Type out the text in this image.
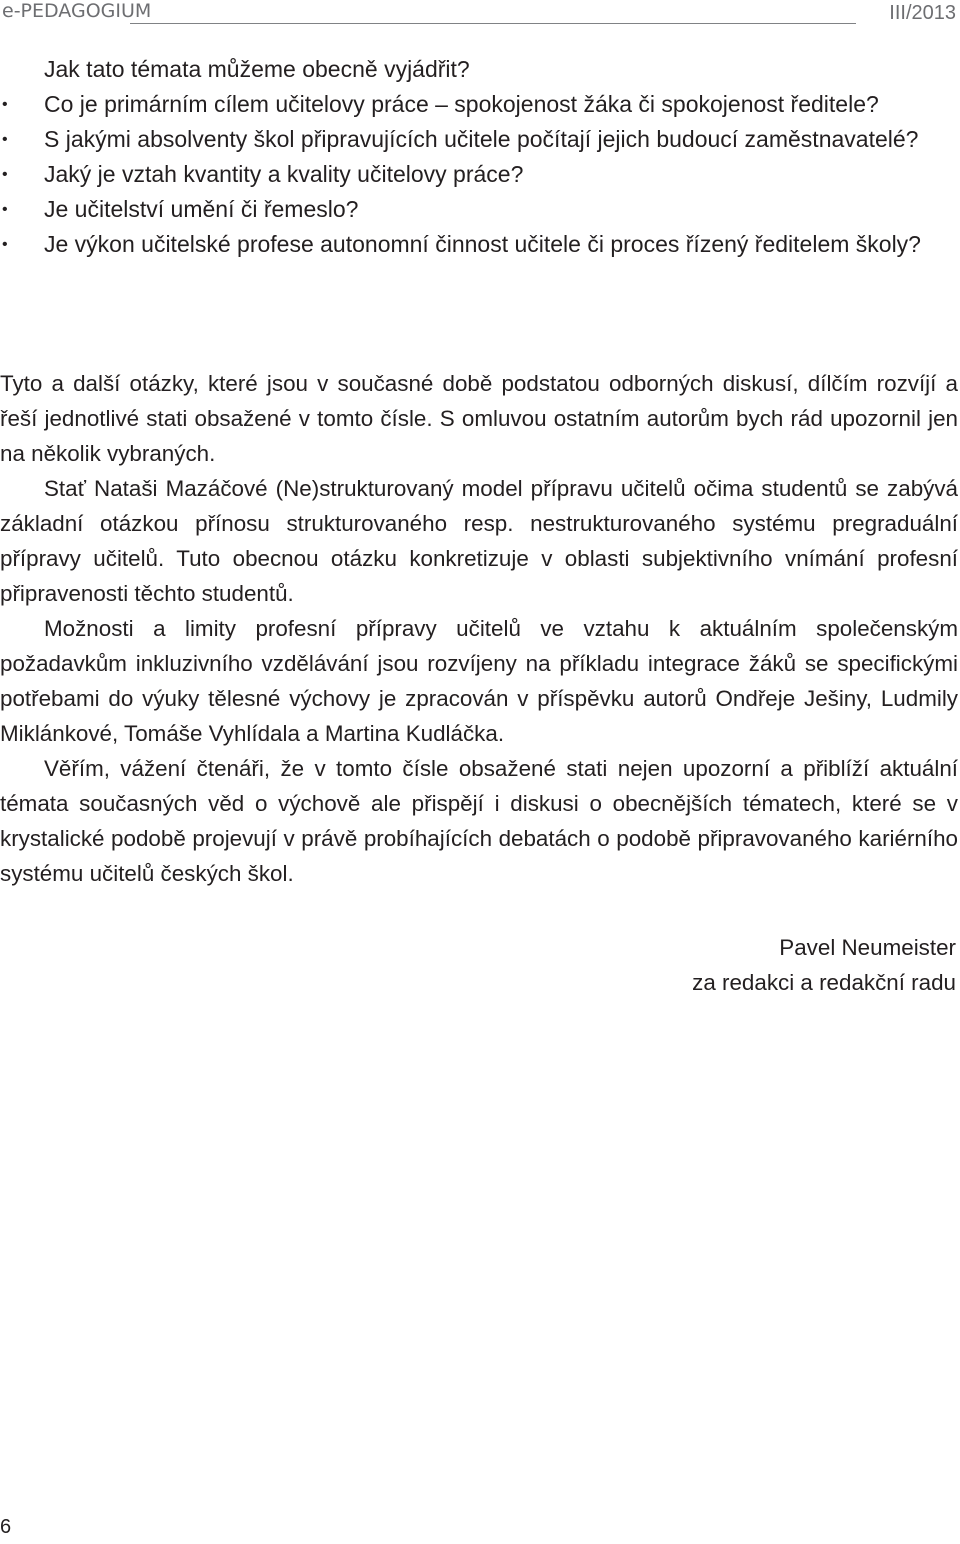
e-PEDAGOGIUM	III/2013
Jak tato témata můžeme obecně vyjádřit?
• Co je primárním cílem učitelovy práce – spokojenost žáka či spokojenost ředitele?
• S jakými absolventy škol připravujících učitele počítají jejich budoucí zaměstnavatelé?
• Jaký je vztah kvantity a kvality učitelovy práce?
• Je učitelství umění či řemeslo?
• Je výkon učitelské profese autonomní činnost učitele či proces řízený ředitelem školy?

Tyto a další otázky, které jsou v současné době podstatou odborných diskusí, dílčím rozvíjí a řeší jednotlivé stati obsažené v tomto čísle. S omluvou ostatním autorům bych rád upozornil jen na několik vybraných.

Stať Nataši Mazáčové (Ne)strukturovaný model přípravu učitelů očima studentů se zabývá základní otázkou přínosu strukturovaného resp. nestrukturovaného systému pregraduální přípravy učitelů. Tuto obecnou otázku konkretizuje v oblasti subjektivního vnímání profesní připravenosti těchto studentů.

Možnosti a limity profesní přípravy učitelů ve vztahu k aktuálním společenským požadavkům inkluzivního vzdělávání jsou rozvíjeny na příkladu integrace žáků se specifickými potřebami do výuky tělesné výchovy je zpracován v příspěvku autorů Ondřeje Ješiny, Ludmily Miklánkové, Tomáše Vyhlídala a Martina Kudláčka.

Věřím, vážení čtenáři, že v tomto čísle obsažené stati nejen upozorní a přiblíží aktuální témata současných věd o výchově ale přispějí i diskusi o obecnějších tématech, které se v krystalické podobě projevují v právě probíhajících debatách o podobě připravovaného kariérního systému učitelů českých škol.

Pavel Neumeister
za redakci a redakční radu
6
